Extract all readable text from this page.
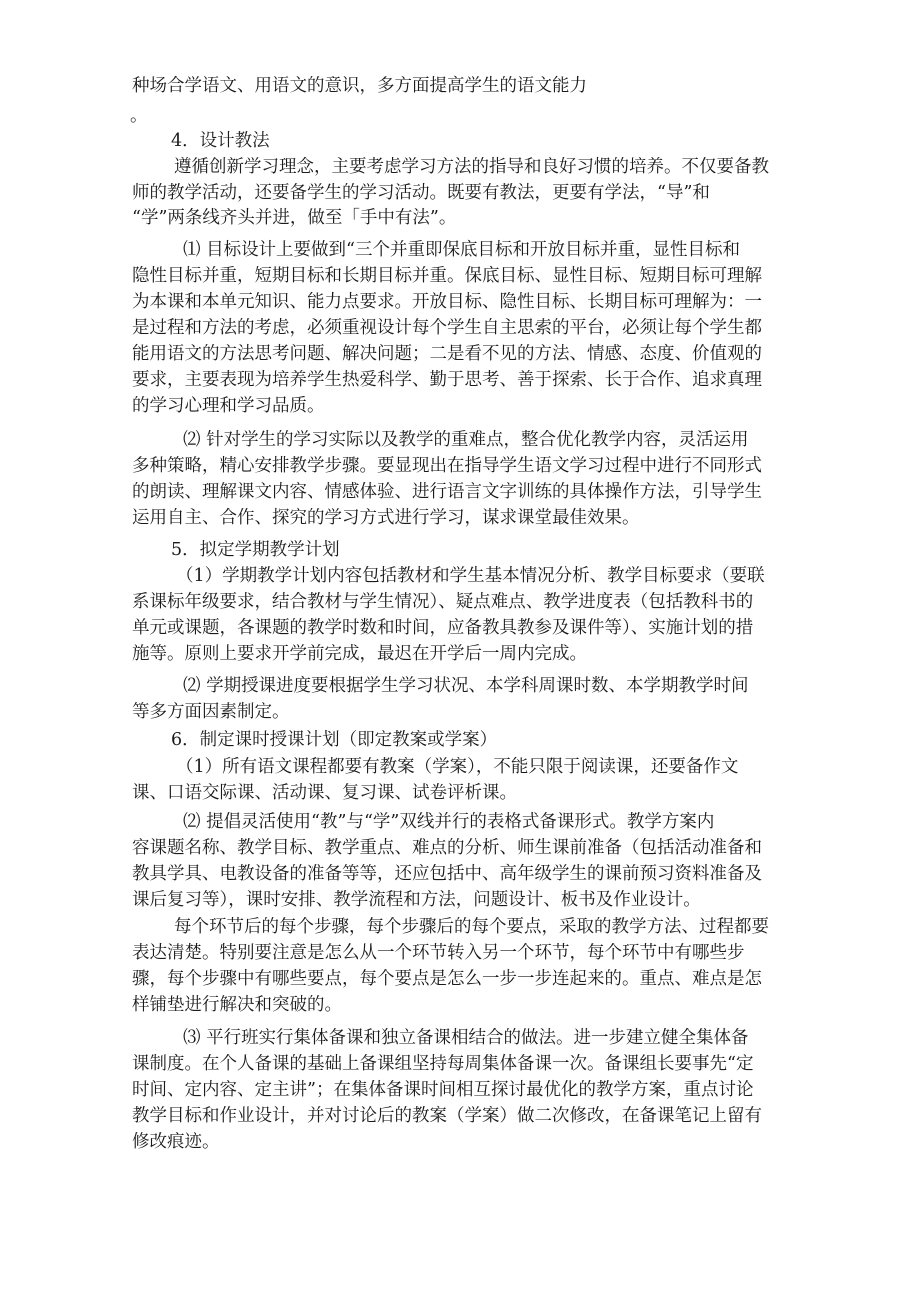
种场合学语文、用语文的意识，多方面提高学生的语文能力
。
4．设计教法
遵循创新学习理念，主要考虑学习方法的指导和良好习惯的培养。不仅要备教
师的教学活动，还要备学生的学习活动。既要有教法，更要有学法，“导”和
“学”两条线齐头并进，做至「手中有法”。
⑴ 目标设计上要做到“三个并重即保底目标和开放目标并重，显性目标和
隐性目标并重，短期目标和长期目标并重。保底目标、显性目标、短期目标可理解
为本课和本单元知识、能力点要求。开放目标、隐性目标、长期目标可理解为：一
是过程和方法的考虑，必须重视设计每个学生自主思索的平台，必须让每个学生都
能用语文的方法思考问题、解决问题；二是看不见的方法、情感、态度、价值观的
要求，主要表现为培养学生热爱科学、勤于思考、善于探索、长于合作、追求真理
的学习心理和学习品质。
⑵ 针对学生的学习实际以及教学的重难点，整合优化教学内容，灵活运用
多种策略，精心安排教学步骤。要显现出在指导学生语文学习过程中进行不同形式
的朗读、理解课文内容、情感体验、进行语言文字训练的具体操作方法，引导学生
运用自主、合作、探究的学习方式进行学习，谋求课堂最佳效果。
5．拟定学期教学计划
（1）学期教学计划内容包括教材和学生基本情况分析、教学目标要求（要联
系课标年级要求，结合教材与学生情况）、疑点难点、教学进度表（包括教科书的
单元或课题，各课题的教学时数和时间，应备教具教参及课件等）、实施计划的措
施等。原则上要求开学前完成，最迟在开学后一周内完成。
⑵ 学期授课进度要根据学生学习状况、本学科周课时数、本学期教学时间
等多方面因素制定。
6．制定课时授课计划（即定教案或学案）
（1）所有语文课程都要有教案（学案），不能只限于阅读课，还要备作文
课、口语交际课、活动课、复习课、试卷评析课。
⑵ 提倡灵活使用“教”与“学”双线并行的表格式备课形式。教学方案内
容课题名称、教学目标、教学重点、难点的分析、师生课前准备（包括活动准备和
教具学具、电教设备的准备等等，还应包括中、高年级学生的课前预习资料准备及
课后复习等），课时安排、教学流程和方法，问题设计、板书及作业设计。
每个环节后的每个步骤，每个步骤后的每个要点，采取的教学方法、过程都要
表达清楚。特别要注意是怎么从一个环节转入另一个环节，每个环节中有哪些步
骤，每个步骤中有哪些要点，每个要点是怎么一步一步连起来的。重点、难点是怎
样铺垫进行解决和突破的。
⑶ 平行班实行集体备课和独立备课相结合的做法。进一步建立健全集体备
课制度。在个人备课的基础上备课组坚持每周集体备课一次。备课组长要事先“定
时间、定内容、定主讲”；在集体备课时间相互探讨最优化的教学方案，重点讨论
教学目标和作业设计，并对讨论后的教案（学案）做二次修改，在备课笔记上留有
修改痕迹。
